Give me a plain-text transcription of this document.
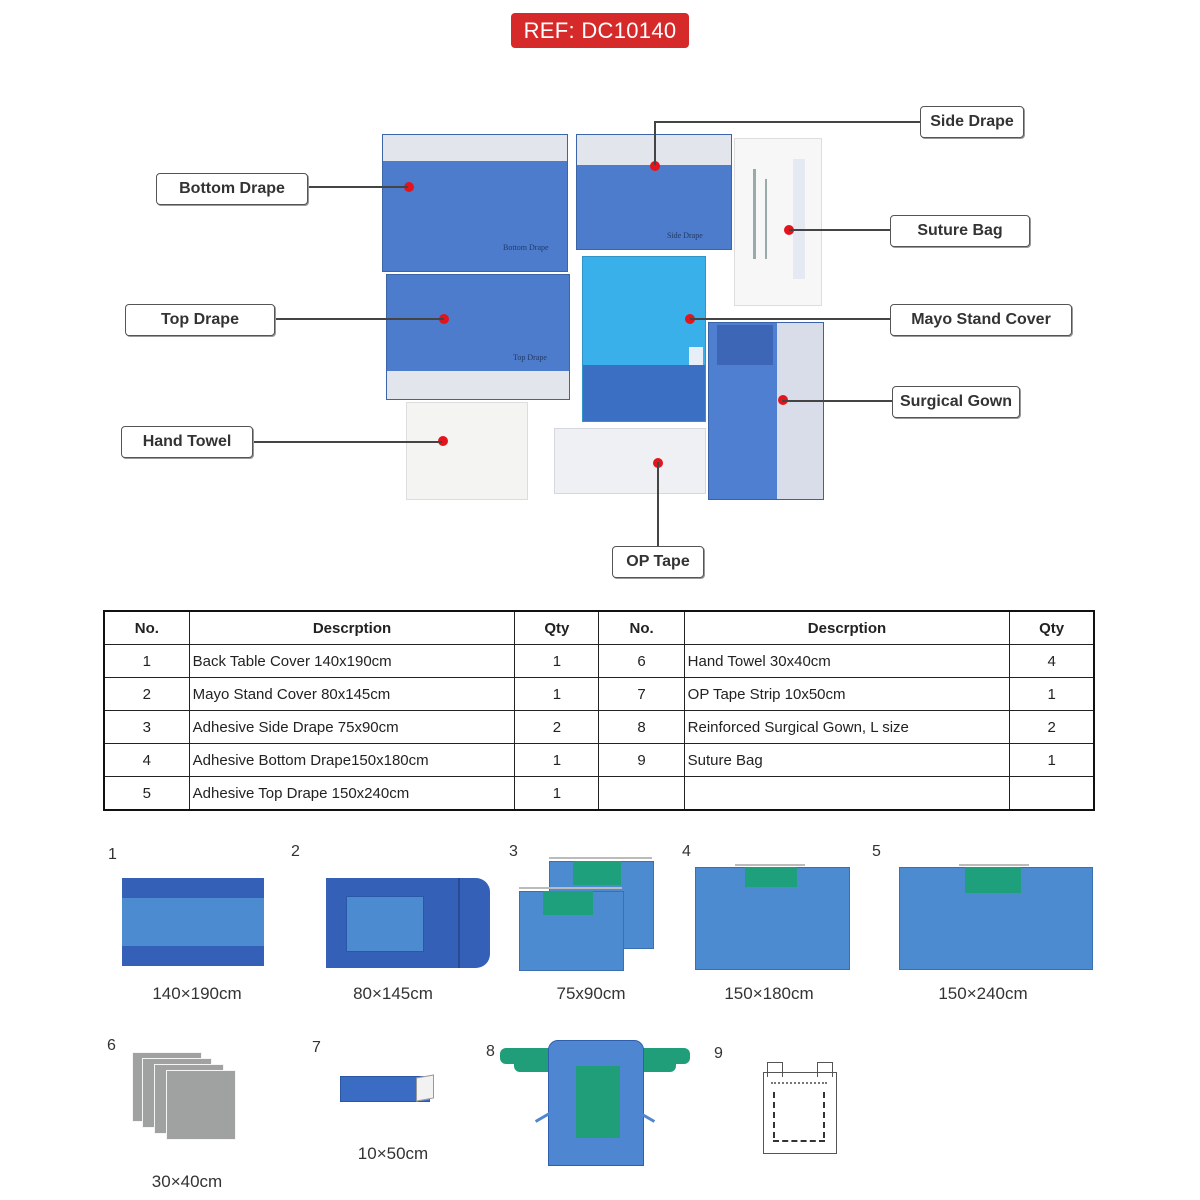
REF: DC10140
Bottom Drape
Side Drape
Top Drape
Side Drape
Bottom Drape
Suture Bag
Top Drape	Mayo Stand Cover
Surgical Gown
Hand Towel
OP Tape
No.	Descrption	Qty	No.	Descrption	Qty
1	Back Table Cover 140x190cm	1	6	Hand Towel 30x40cm	4
2	Mayo Stand Cover 80x145cm	1	7	OP Tape Strip 10x50cm	1
3	Adhesive Side Drape 75x90cm	2	8	Reinforced Surgical Gown, L size	2
4	Adhesive Bottom Drape150x180cm	1	9	Suture Bag	1
5	Adhesive Top Drape 150x240cm	1			
1
140×190cm
2
80×145cm
3
75x90cm
4
150×180cm
5
150×240cm
6
30×40cm
7
10×50cm
8	9
